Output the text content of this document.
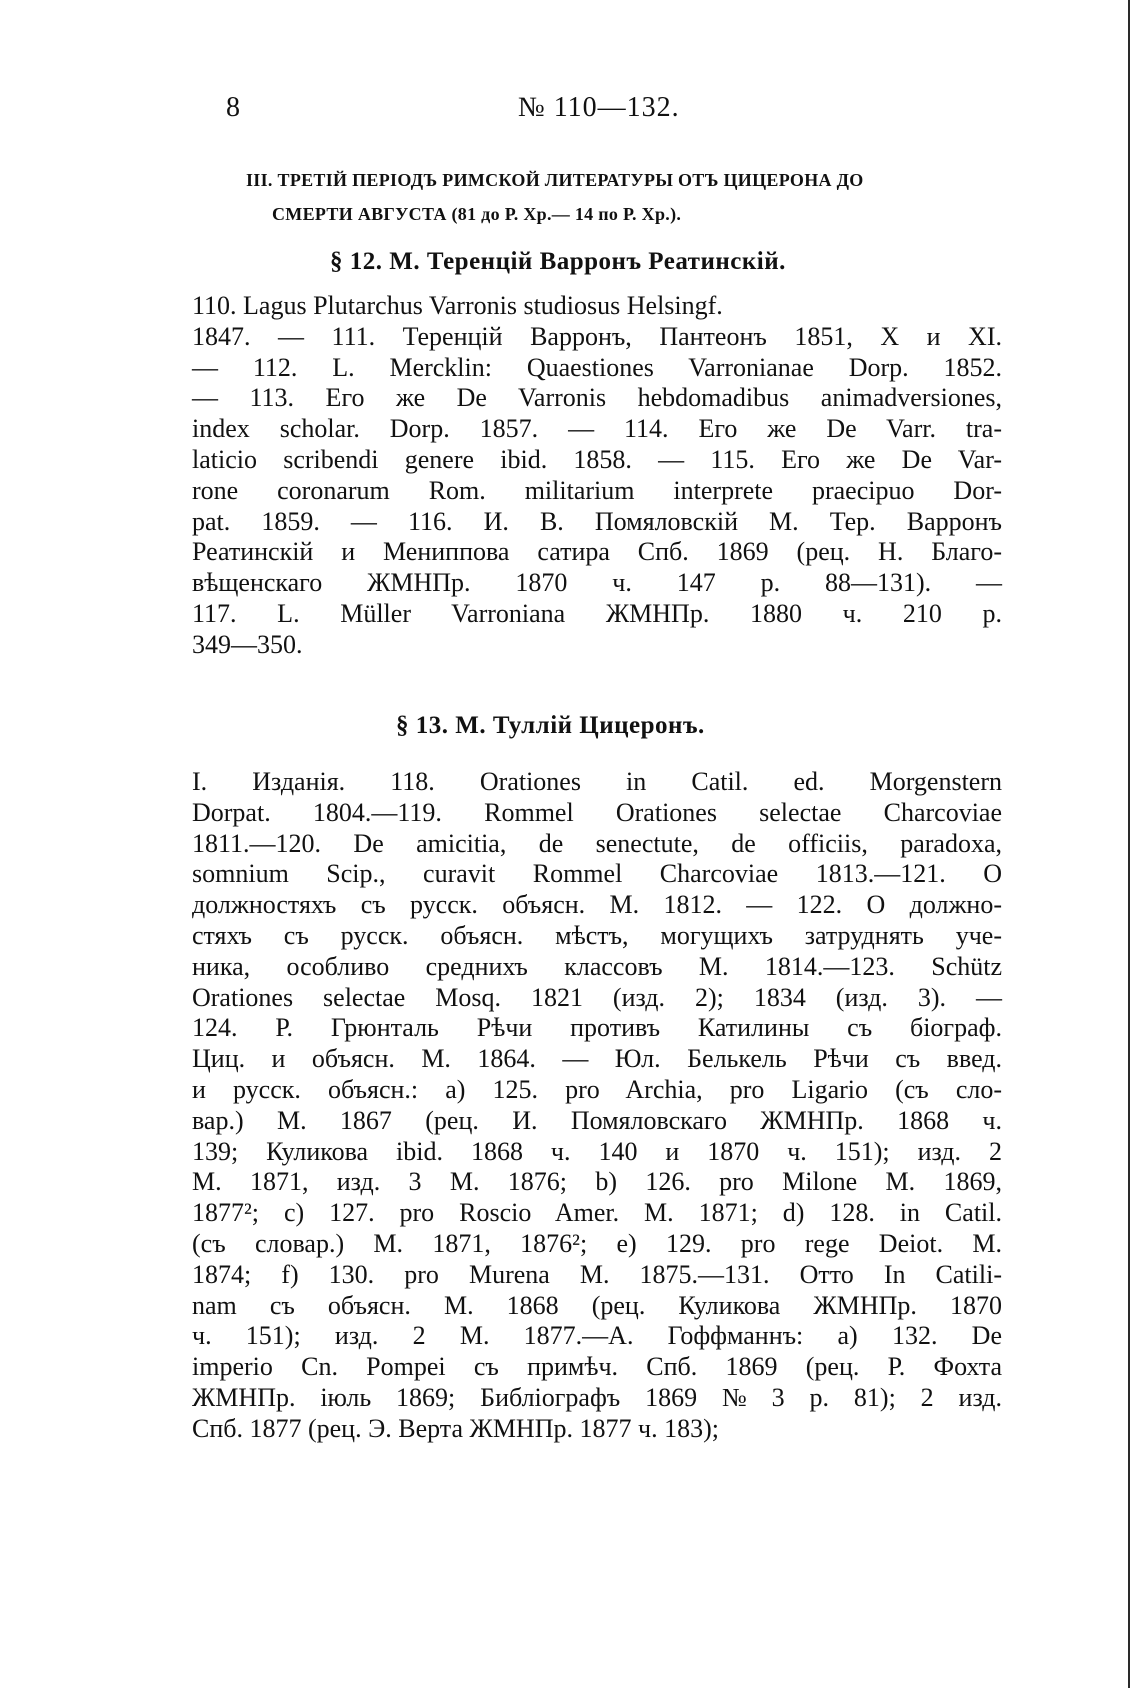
8	№ 110—132.
III. ТРЕТІЙ ПЕРІОДЪ РИМСКОЙ ЛИТЕРАТУРЫ ОТЪ ЦИЦЕРОНА ДО
СМЕРТИ АВГУСТА (81 до Р. Хр.— 14 по Р. Хр.).
§ 12. М. Теренцій Варронъ Реатинскій.
110. Lagus Plutarchus Varronis studiosus Helsingf.
1847. — 111. Теренцій Варронъ, Пантеонъ 1851, X и XI.
— 112. L. Mercklin: Quaestiones Varronianae Dorp. 1852.
— 113. Его же De Varronis hebdomadibus animadversiones,
index scholar. Dorp. 1857. — 114. Его же De Varr. tra-
laticio scribendi genere ibid. 1858. — 115. Его же De Var-
rone coronarum Rom. militarium interprete praecipuo Dor-
pat. 1859. — 116. И. В. Помяловскій М. Тер. Варронъ
Реатинскій и Мениппова сатира Спб. 1869 (рец. Н. Благо-
вѣщенскаго ЖМНПр. 1870 ч. 147 р. 88—131). —
117. L. Müller Varroniana ЖМНПр. 1880 ч. 210 р.
349—350.
§ 13. М. Туллій Цицеронъ.
I. Изданія. 118. Orationes in Catil. ed. Morgenstern
Dorpat. 1804.—119. Rommel Orationes selectae Charcoviae
1811.—120. De amicitia, de senectute, de officiis, paradoxa,
somnium Scip., curavit Rommel Charcoviae 1813.—121. О
должностяхъ съ русск. объясн. М. 1812. — 122. О должно-
стяхъ съ русск. объясн. мѣстъ, могущихъ затруднять уче-
ника, особливо среднихъ классовъ М. 1814.—123. Schütz
Orationes selectae Mosq. 1821 (изд. 2); 1834 (изд. 3). —
124. Р. Грюнталь Рѣчи противъ Катилины съ біограф.
Циц. и объясн. М. 1864. — Юл. Белькель Рѣчи съ введ.
и русск. объясн.: a) 125. pro Archia, pro Ligario (съ сло-
вар.) М. 1867 (рец. И. Помяловскаго ЖМНПр. 1868 ч.
139; Куликова ibid. 1868 ч. 140 и 1870 ч. 151); изд. 2
М. 1871, изд. 3 М. 1876; b) 126. pro Milone М. 1869,
1877²; c) 127. pro Roscio Amer. М. 1871; d) 128. in Catil.
(съ словар.) М. 1871, 1876²; e) 129. pro rege Deiot. М.
1874; f) 130. pro Murena М. 1875.—131. Отто In Catili-
nam съ объясн. М. 1868 (рец. Куликова ЖМНПр. 1870
ч. 151); изд. 2 М. 1877.—А. Гоффманнъ: a) 132. De
imperio Cn. Pompei съ примѣч. Спб. 1869 (рец. Р. Фохта
ЖМНПр. іюль 1869; Библіографъ 1869 № 3 р. 81); 2 изд.
Спб. 1877 (рец. Э. Верта ЖМНПр. 1877 ч. 183);
